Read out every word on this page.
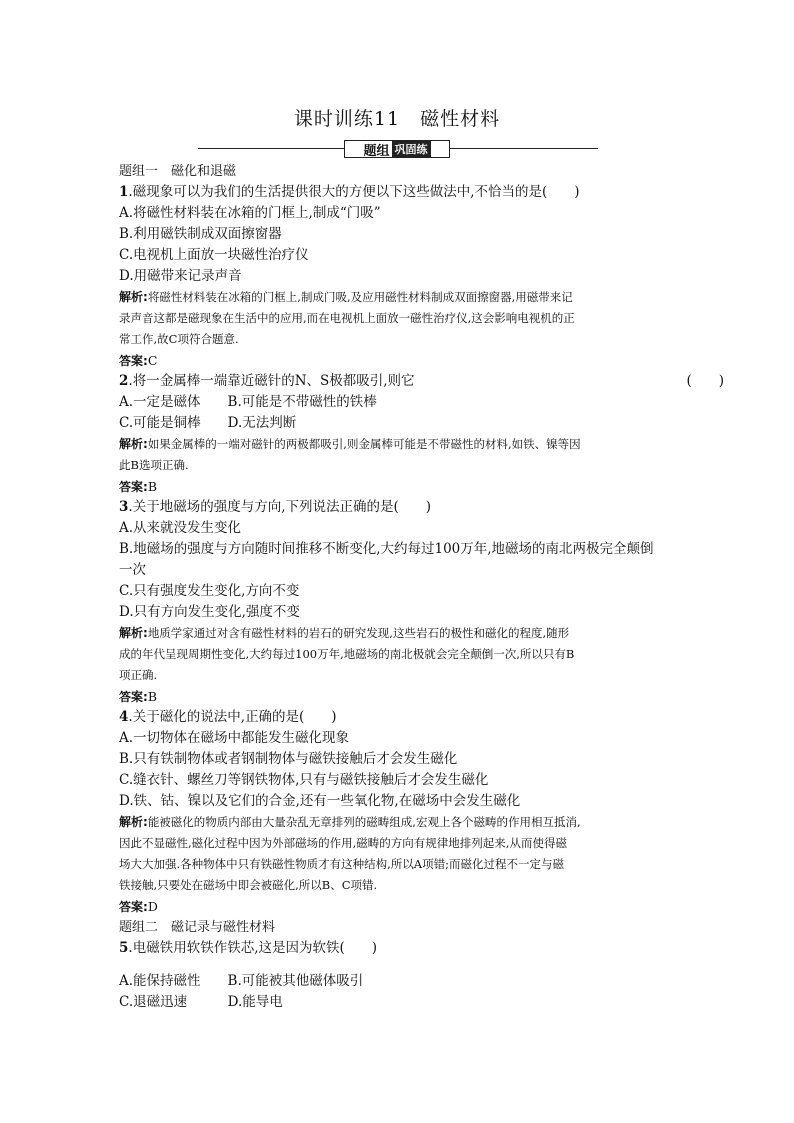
课时训练11　磁性材料
题组 巩固练
题组一　磁化和退磁
1.磁现象可以为我们的生活提供很大的方便以下这些做法中,不恰当的是(　　)
A.将磁性材料装在冰箱的门框上,制成“门吸”
B.利用磁铁制成双面擦窗器
C.电视机上面放一块磁性治疗仪
D.用磁带来记录声音
解析:将磁性材料装在冰箱的门框上,制成门吸,及应用磁性材料制成双面擦窗器,用磁带来记
录声音这都是磁现象在生活中的应用,而在电视机上面放一磁性治疗仪,这会影响电视机的正
常工作,故C项符合题意.
答案:C
2.将一金属棒一端靠近磁针的N、S极都吸引,则它	(　　)
A.一定是磁体　　B.可能是不带磁性的铁棒
C.可能是铜棒　　D.无法判断
解析:如果金属棒的一端对磁针的两极都吸引,则金属棒可能是不带磁性的材料,如铁、镍等因
此B选项正确.
答案:B
3.关于地磁场的强度与方向,下列说法正确的是(　　)
A.从来就没发生变化
B.地磁场的强度与方向随时间推移不断变化,大约每过100万年,地磁场的南北两极完全颠倒
一次
C.只有强度发生变化,方向不变
D.只有方向发生变化,强度不变
解析:地质学家通过对含有磁性材料的岩石的研究发现,这些岩石的极性和磁化的程度,随形
成的年代呈现周期性变化,大约每过100万年,地磁场的南北极就会完全颠倒一次,所以只有B
项正确.
答案:B
4.关于磁化的说法中,正确的是(　　)
A.一切物体在磁场中都能发生磁化现象
B.只有铁制物体或者钢制物体与磁铁接触后才会发生磁化
C.缝衣针、螺丝刀等钢铁物体,只有与磁铁接触后才会发生磁化
D.铁、钴、镍以及它们的合金,还有一些氧化物,在磁场中会发生磁化
解析:能被磁化的物质内部由大量杂乱无章排列的磁畴组成,宏观上各个磁畴的作用相互抵消,
因此不显磁性,磁化过程中因为外部磁场的作用,磁畴的方向有规律地排列起来,从而使得磁
场大大加强.各种物体中只有铁磁性物质才有这种结构,所以A项错;而磁化过程不一定与磁
铁接触,只要处在磁场中即会被磁化,所以B、C项错.
答案:D
题组二　磁记录与磁性材料
5.电磁铁用软铁作铁芯,这是因为软铁(　　)
A.能保持磁性　　B.可能被其他磁体吸引
C.退磁迅速　　　D.能导电
